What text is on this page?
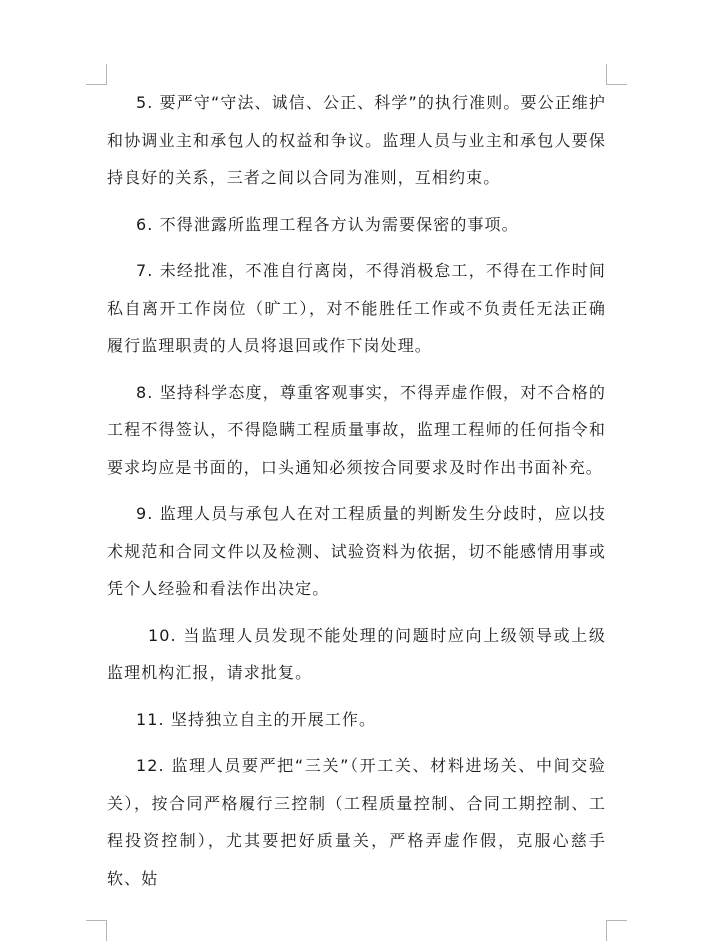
5. 要严守“守法、诚信、公正、科学”的执行准则。要公正维护和协调业主和承包人的权益和争议。监理人员与业主和承包人要保持良好的关系，三者之间以合同为准则，互相约束。

6. 不得泄露所监理工程各方认为需要保密的事项。

7. 未经批准，不准自行离岗，不得消极怠工，不得在工作时间私自离开工作岗位（旷工），对不能胜任工作或不负责任无法正确履行监理职责的人员将退回或作下岗处理。

8. 坚持科学态度，尊重客观事实，不得弄虚作假，对不合格的工程不得签认，不得隐瞒工程质量事故，监理工程师的任何指令和要求均应是书面的，口头通知必须按合同要求及时作出书面补充。

9. 监理人员与承包人在对工程质量的判断发生分歧时，应以技术规范和合同文件以及检测、试验资料为依据，切不能感情用事或凭个人经验和看法作出决定。

10. 当监理人员发现不能处理的问题时应向上级领导或上级监理机构汇报，请求批复。

11. 坚持独立自主的开展工作。

12. 监理人员要严把“三关”（开工关、材料进场关、中间交验关），按合同严格履行三控制（工程质量控制、合同工期控制、工程投资控制），尤其要把好质量关，严格弄虚作假，克服心慈手软、姑
